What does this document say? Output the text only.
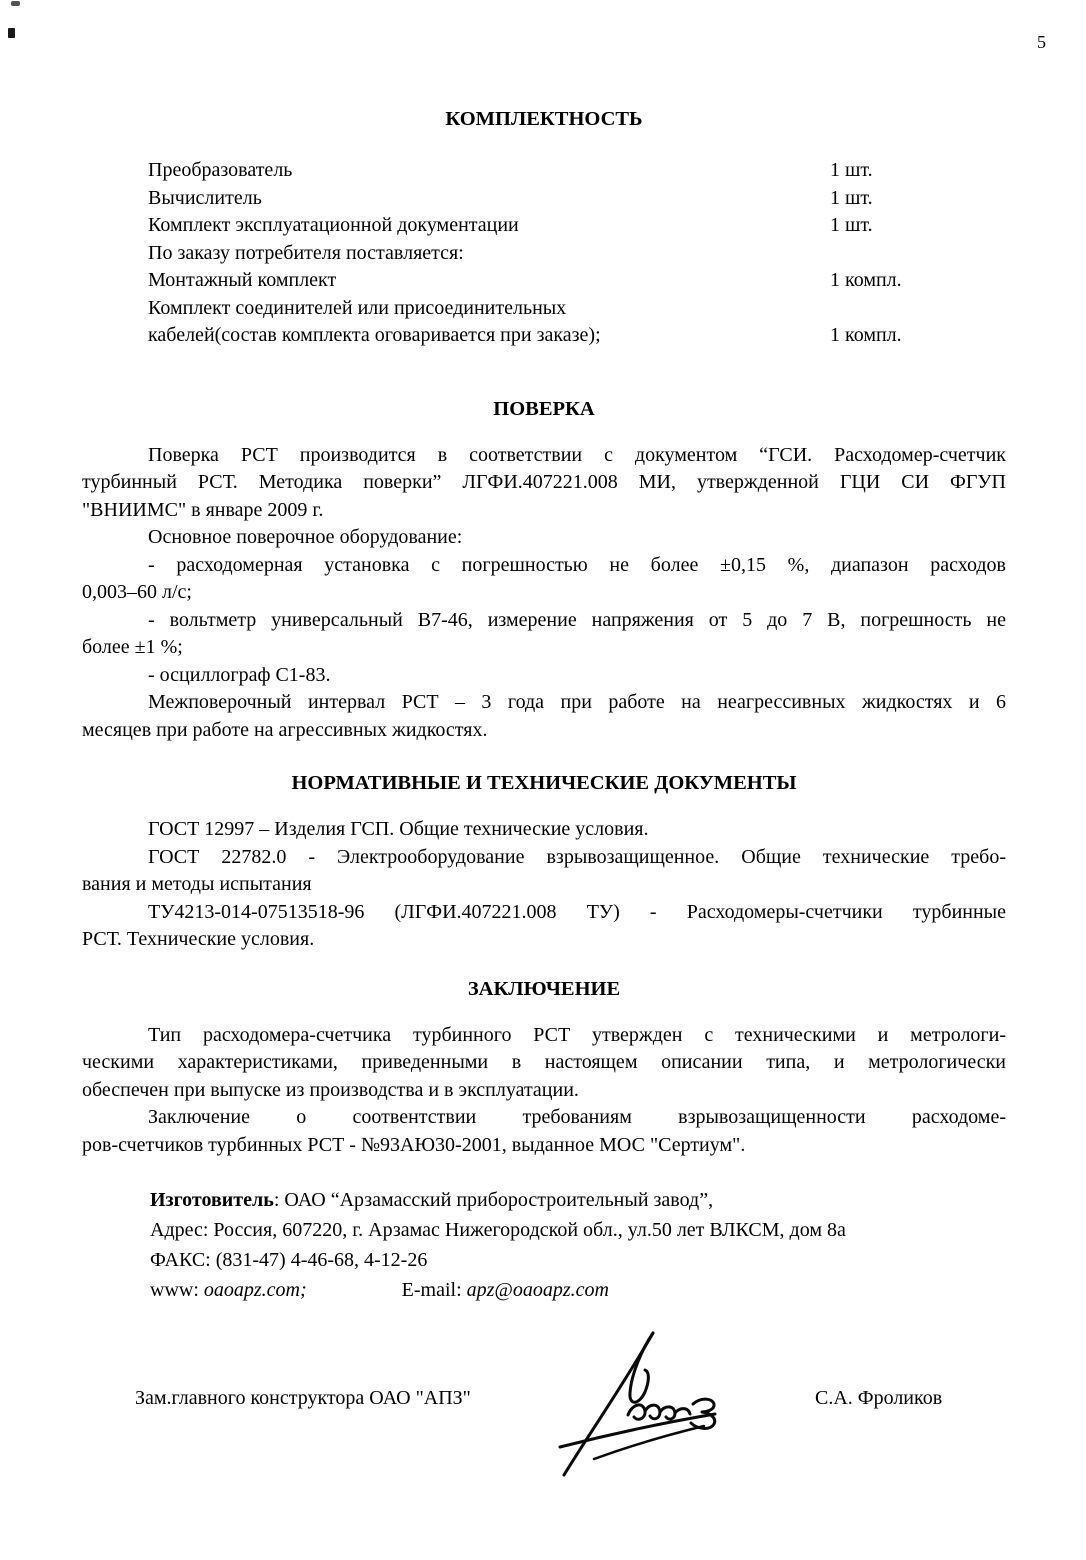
5
КОМПЛЕКТНОСТЬ
Преобразователь	1 шт.
Вычислитель	1 шт.
Комплект эксплуатационной документации	1 шт.
По заказу потребителя поставляется:
Монтажный комплект	1 компл.
Комплект соединителей или присоединительных
кабелей(состав комплекта оговаривается при заказе);	1 компл.
ПОВЕРКА
Поверка РСТ производится в соответствии с документом “ГСИ. Расходомер-счетчик
турбинный РСТ. Методика поверки” ЛГФИ.407221.008 МИ, утвержденной ГЦИ СИ ФГУП
"ВНИИМС" в январе 2009 г.
Основное поверочное оборудование:
- расходомерная установка с погрешностью не более ±0,15 %, диапазон расходов
0,003–60 л/с;
- вольтметр универсальный В7-46, измерение напряжения от 5 до 7 В, погрешность не
более ±1 %;
- осциллограф С1-83.
Межповерочный интервал РСТ – 3 года при работе на неагрессивных жидкостях и 6
месяцев при работе на агрессивных жидкостях.
НОРМАТИВНЫЕ И ТЕХНИЧЕСКИЕ ДОКУМЕНТЫ
ГОСТ 12997 – Изделия ГСП. Общие технические условия.
ГОСТ 22782.0 - Электрооборудование взрывозащищенное. Общие технические требо-
вания и методы испытания
ТУ4213-014-07513518-96 (ЛГФИ.407221.008 ТУ) - Расходомеры-счетчики турбинные
РСТ. Технические условия.
ЗАКЛЮЧЕНИЕ
Тип расходомера-счетчика турбинного РСТ утвержден с техническими и метрологи-
ческими характеристиками, приведенными в настоящем описании типа, и метрологически
обеспечен при выпуске из производства и в эксплуатации.
Заключение о соотвентствии требованиям взрывозащищенности расходоме-
ров-счетчиков турбинных РСТ - №93АЮ30-2001, выданное МОС "Сертиум".
Изготовитель: ОАО “Арзамасский приборостроительный завод”,
Адрес: Россия, 607220, г. Арзамас Нижегородской обл., ул.50 лет ВЛКСМ, дом 8а
ФАКС: (831-47) 4-46-68, 4-12-26
www: oaoapz.com;	E-mail: apz@oaoapz.com
Зам.главного конструктора ОАО "АПЗ"	С.А. Фроликов
